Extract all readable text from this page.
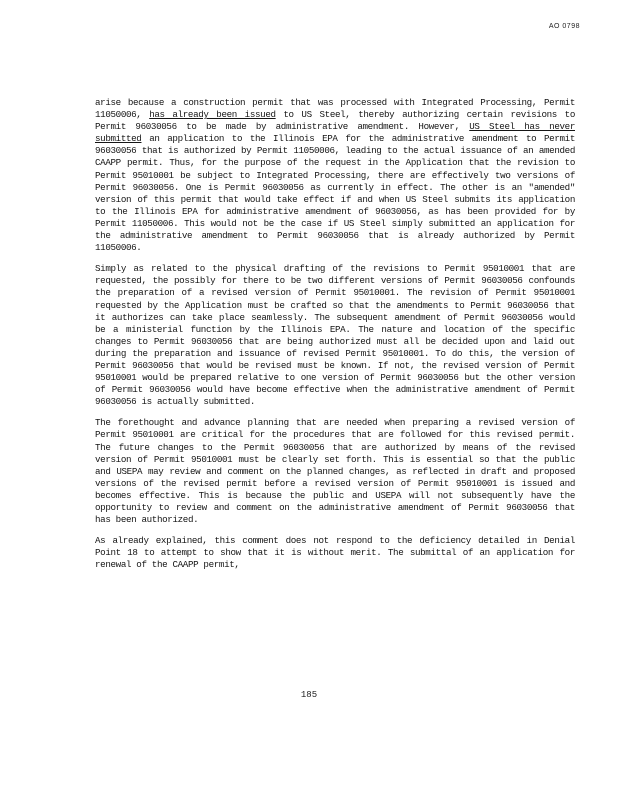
AO 0798

arise because a construction permit that was processed with Integrated Processing, Permit 11050006, has already been issued to US Steel, thereby authorizing certain revisions to Permit 96030056 to be made by administrative amendment. However, US Steel has never submitted an application to the Illinois EPA for the administrative amendment to Permit 96030056 that is authorized by Permit 11050006, leading to the actual issuance of an amended CAAPP permit. Thus, for the purpose of the request in the Application that the revision to Permit 95010001 be subject to Integrated Processing, there are effectively two versions of Permit 96030056. One is Permit 96030056 as currently in effect. The other is an "amended" version of this permit that would take effect if and when US Steel submits its application to the Illinois EPA for administrative amendment of 96030056, as has been provided for by Permit 11050006. This would not be the case if US Steel simply submitted an application for the administrative amendment to Permit 96030056 that is already authorized by Permit 11050006.

Simply as related to the physical drafting of the revisions to Permit 95010001 that are requested, the possibly for there to be two different versions of Permit 96030056 confounds the preparation of a revised version of Permit 95010001. The revision of Permit 95010001 requested by the Application must be crafted so that the amendments to Permit 96030056 that it authorizes can take place seamlessly. The subsequent amendment of Permit 96030056 would be a ministerial function by the Illinois EPA. The nature and location of the specific changes to Permit 96030056 that are being authorized must all be decided upon and laid out during the preparation and issuance of revised Permit 95010001. To do this, the version of Permit 96030056 that would be revised must be known. If not, the revised version of Permit 95010001 would be prepared relative to one version of Permit 96030056 but the other version of Permit 96030056 would have become effective when the administrative amendment of Permit 96030056 is actually submitted.

The forethought and advance planning that are needed when preparing a revised version of Permit 95010001 are critical for the procedures that are followed for this revised permit. The future changes to the Permit 96030056 that are authorized by means of the revised version of Permit 95010001 must be clearly set forth. This is essential so that the public and USEPA may review and comment on the planned changes, as reflected in draft and proposed versions of the revised permit before a revised version of Permit 95010001 is issued and becomes effective. This is because the public and USEPA will not subsequently have the opportunity to review and comment on the administrative amendment of Permit 96030056 that has been authorized.

As already explained, this comment does not respond to the deficiency detailed in Denial Point 18 to attempt to show that it is without merit. The submittal of an application for renewal of the CAAPP permit,

185
